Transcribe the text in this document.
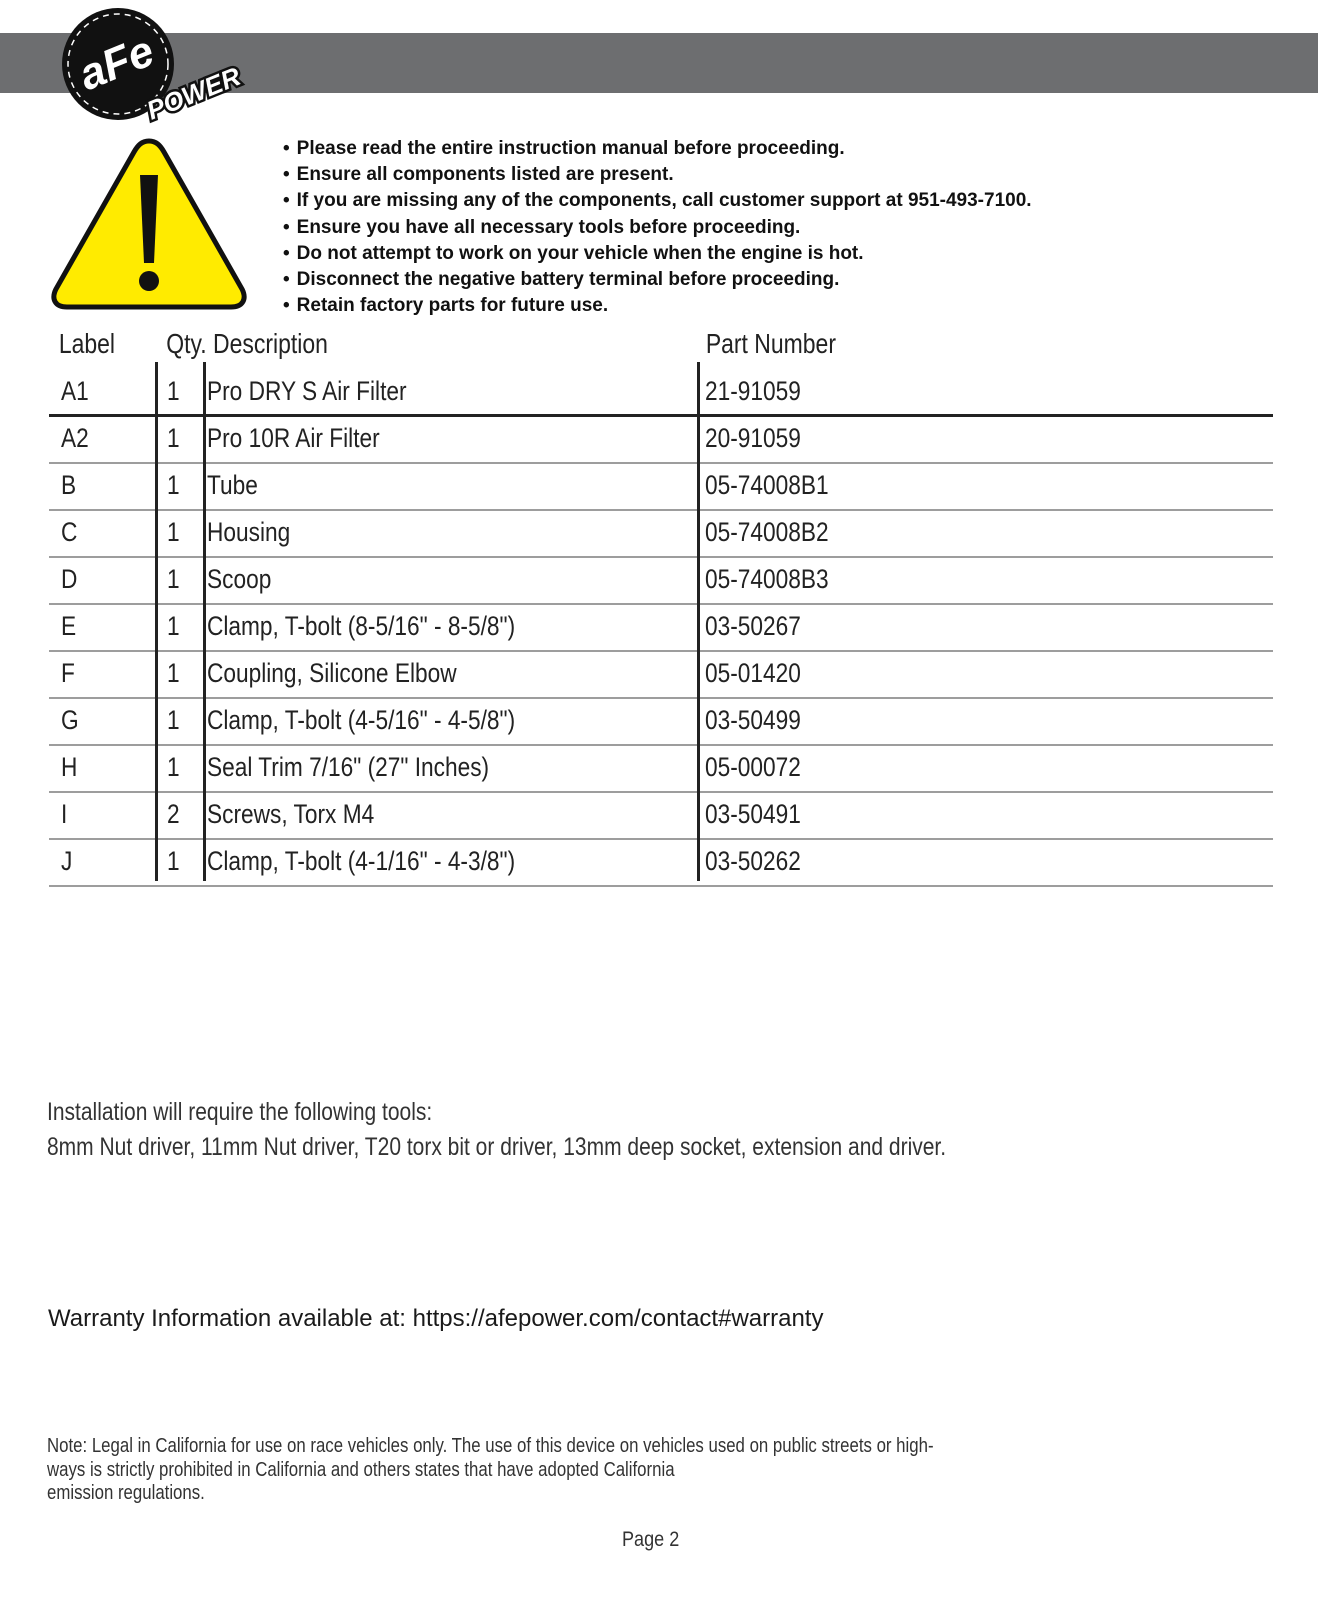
aFe
POWER
• Please read the entire instruction manual before proceeding.
• Ensure all components listed are present.
• If you are missing any of the components, call customer support at 951-493-7100.
• Ensure you have all necessary tools before proceeding.
• Do not attempt to work on your vehicle when the engine is hot.
• Disconnect the negative battery terminal before proceeding.
• Retain factory parts for future use.
Label Qty. Description	Part Number
A1	1 Pro DRY S Air Filter	21-91059
A2	1 Pro 10R Air Filter	20-91059
B	1 Tube	05-74008B1
C	1 Housing	05-74008B2
D	1 Scoop	05-74008B3
E	1 Clamp, T-bolt (8-5/16" - 8-5/8")	03-50267
F	1 Coupling, Silicone Elbow	05-01420
G	1 Clamp, T-bolt (4-5/16" - 4-5/8")	03-50499
H	1 Seal Trim 7/16" (27" Inches)	05-00072
I	2 Screws, Torx M4	03-50491
J	1 Clamp, T-bolt (4-1/16" - 4-3/8")	03-50262
Installation will require the following tools:
8mm Nut driver, 11mm Nut driver, T20 torx bit or driver, 13mm deep socket, extension and driver.
Warranty Information available at: https://afepower.com/contact#warranty
Note: Legal in California for use on race vehicles only. The use of this device on vehicles used on public streets or high-
ways is strictly prohibited in California and others states that have adopted California
emission regulations.
Page 2
